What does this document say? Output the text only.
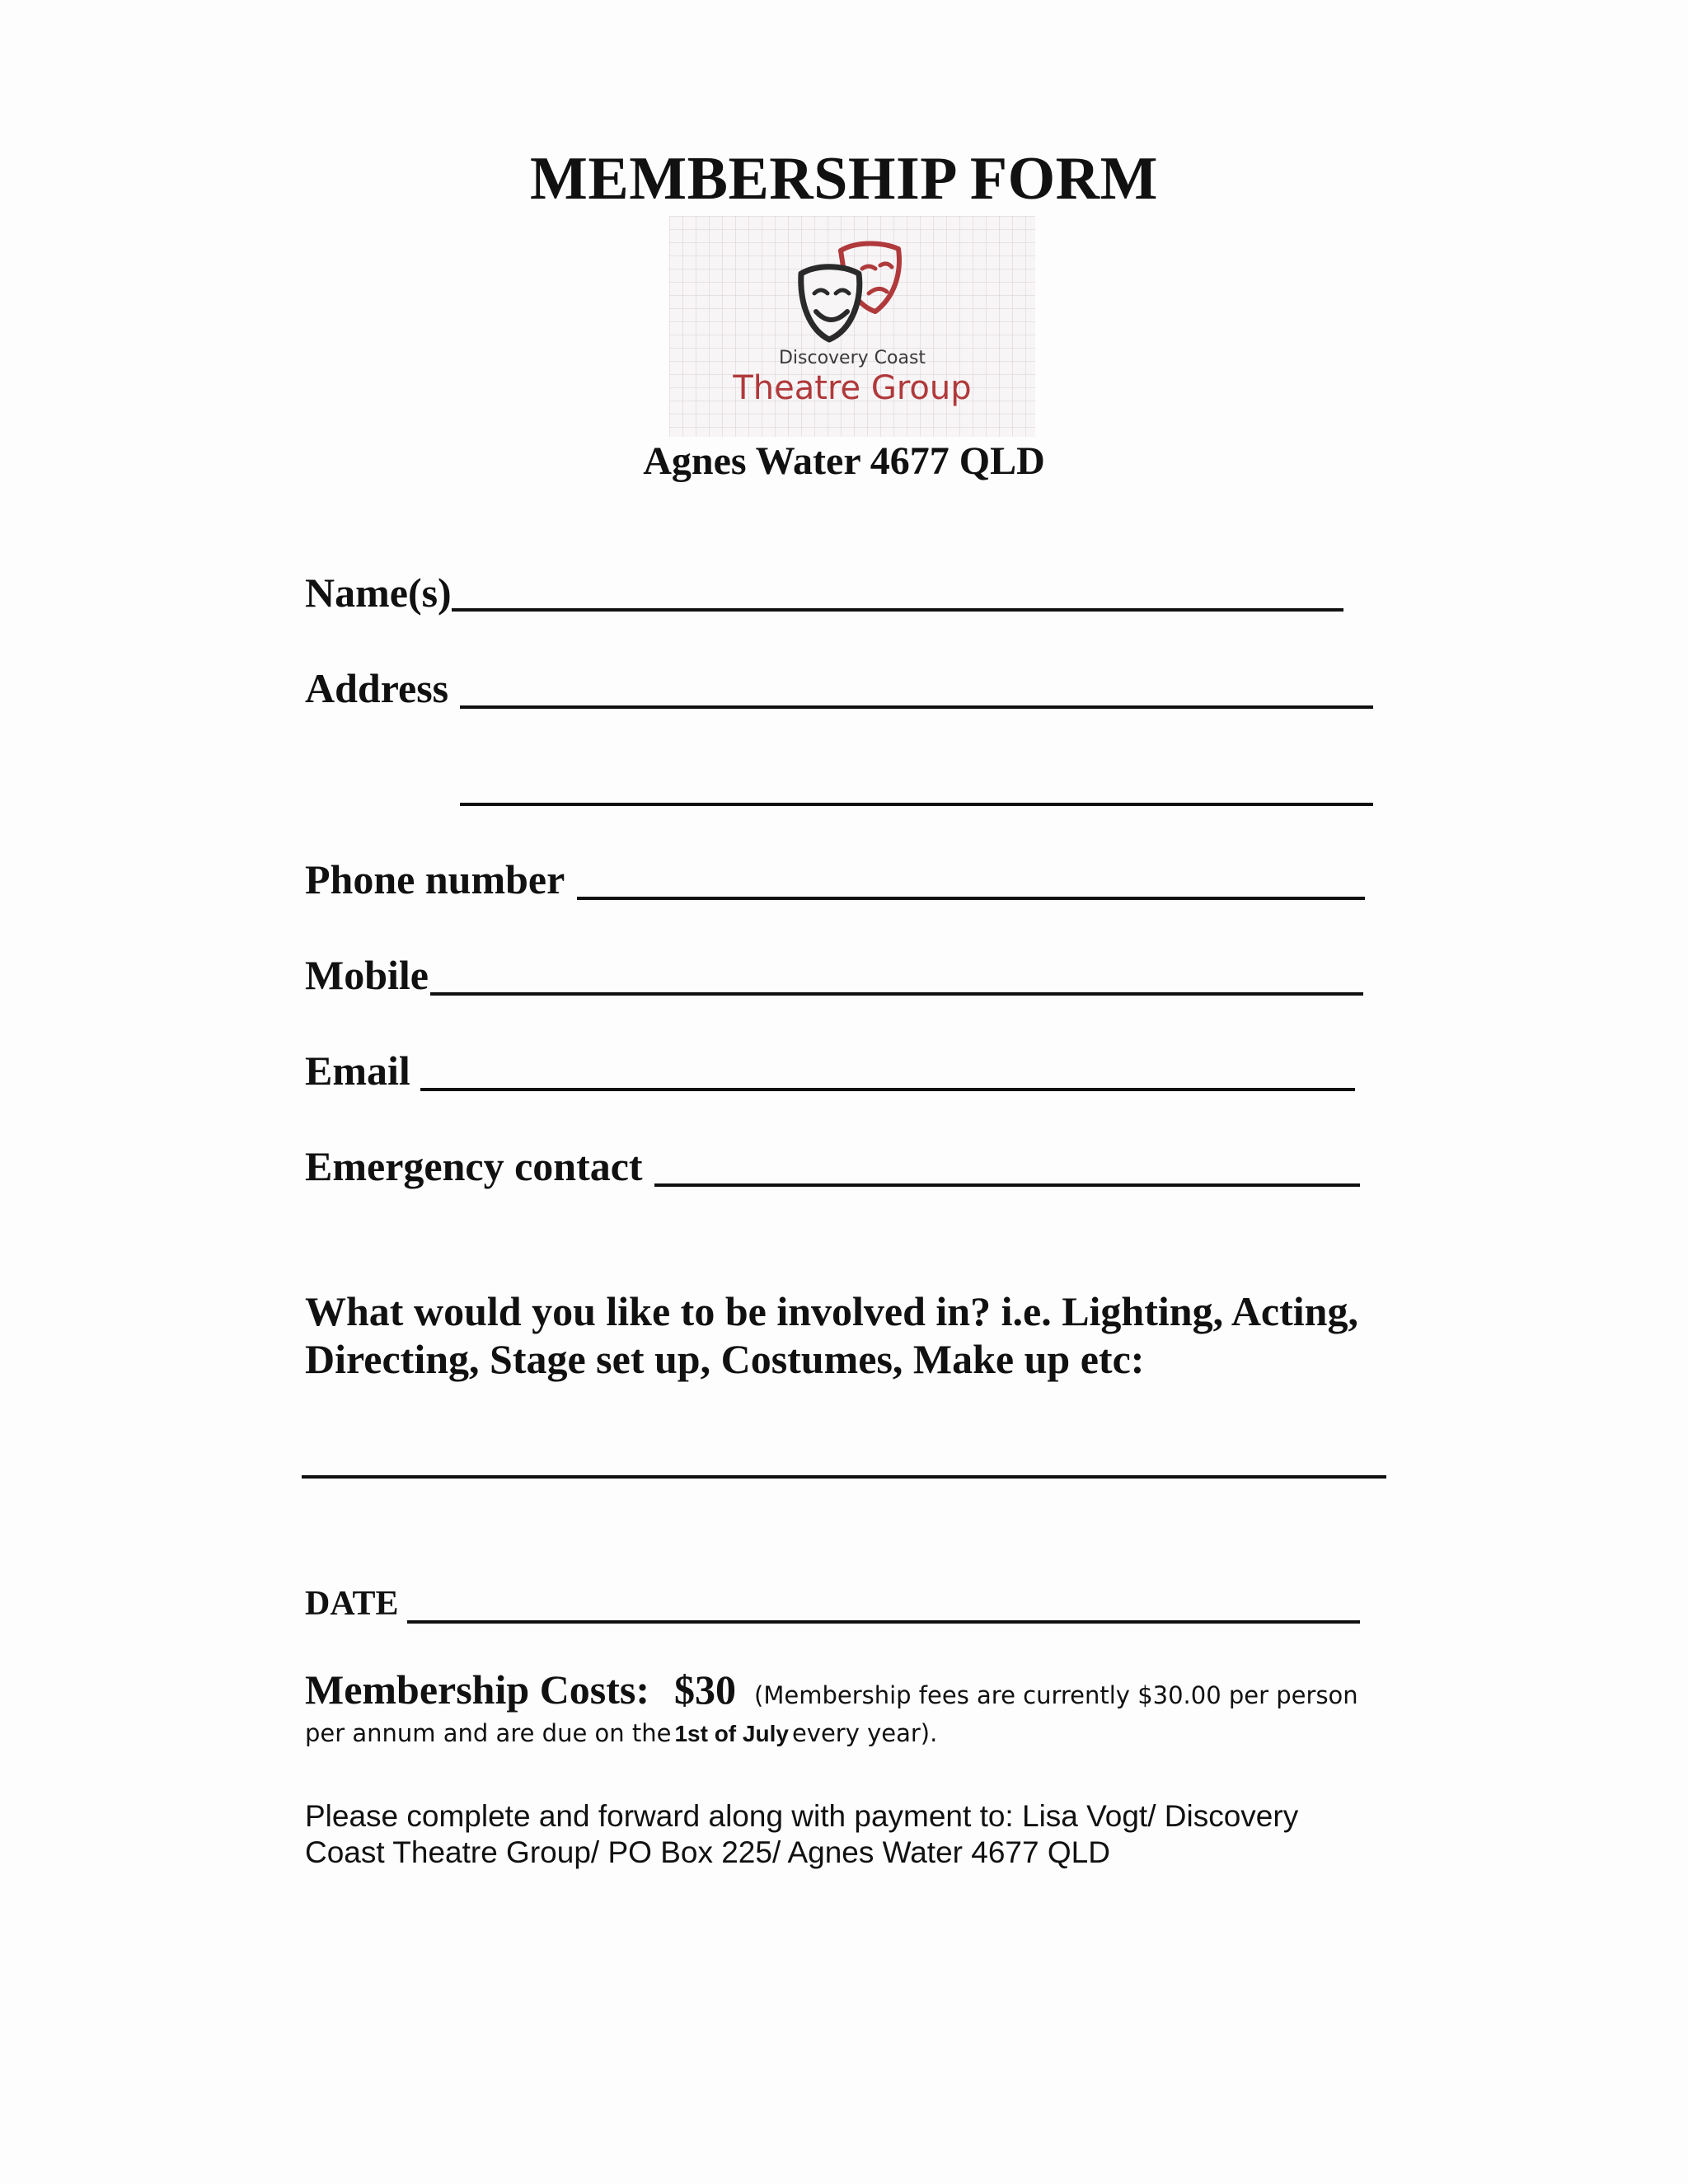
MEMBERSHIP FORM
Discovery Coast
Theatre Group
Agnes Water 4677 QLD
Name(s)
Address
Phone number
Mobile
Email
Emergency contact
What would you like to be involved in? i.e. Lighting, Acting, Directing, Stage set up, Costumes, Make up etc:
DATE
Membership Costs: $30 (Membership fees are currently $30.00 per person
per annum and are due on the 1st of July every year).
Please complete and forward along with payment to: Lisa Vogt/ Discovery Coast Theatre Group/ PO Box 225/ Agnes Water 4677 QLD
